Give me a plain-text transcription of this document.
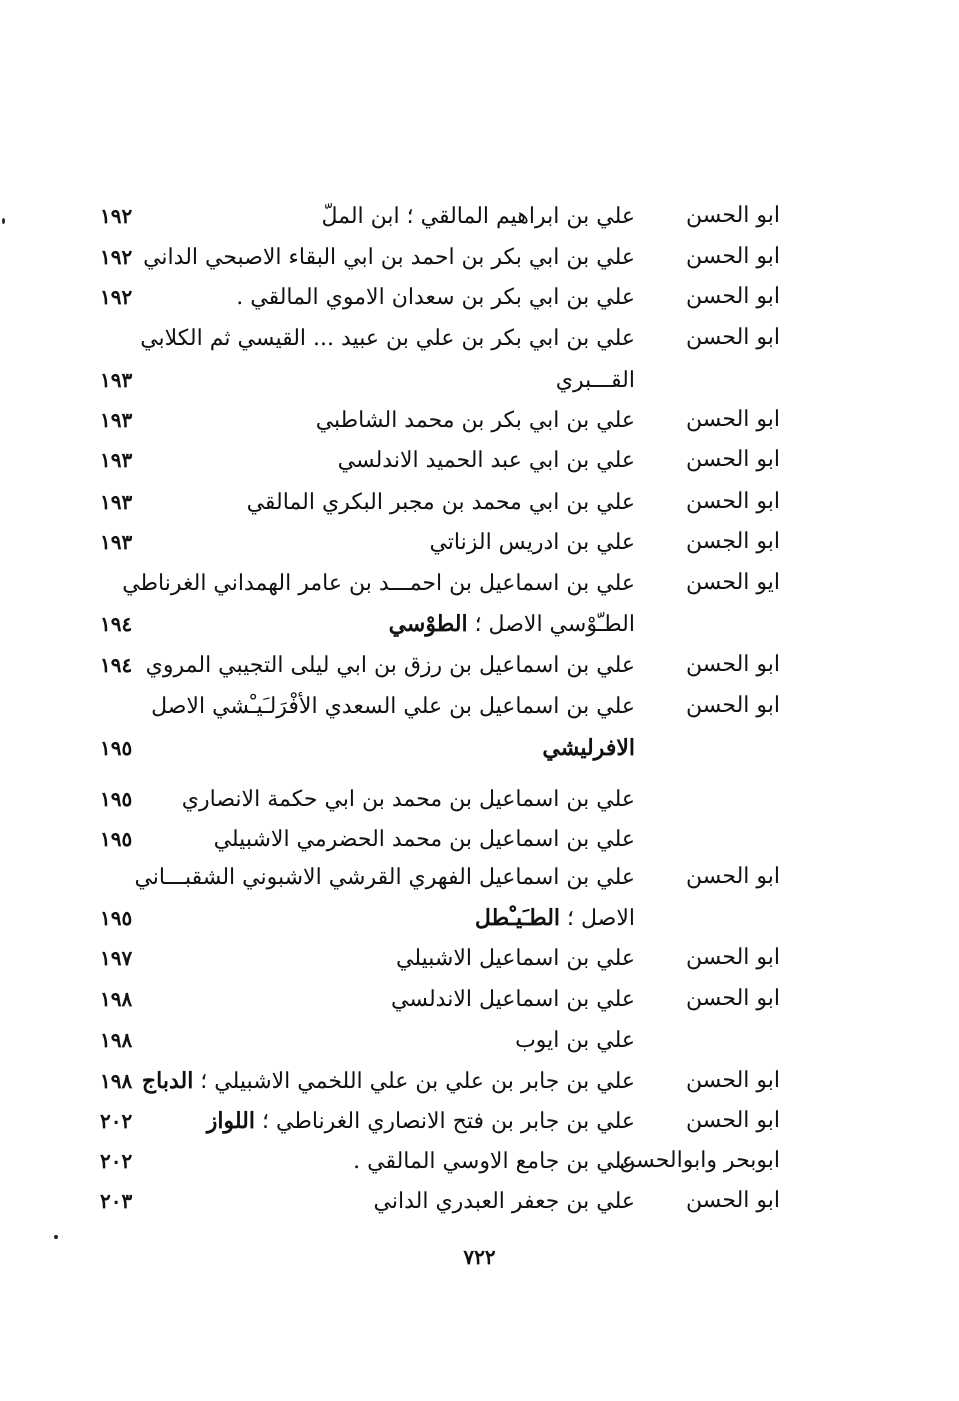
ابو الحسن
علي بن ابراهيم المالقي ؛ ابن الملّ
١٩٢
ابو الحسن
علي بن ابي بكر بن احمد بن ابي البقاء الاصبحي الداني
١٩٢
ابو الحسن
علي بن ابي بكر بن سعدان الاموي المالقي .
١٩٢
ابو الحسن
علي بن ابي بكر بن علي بن عبيد ... القيسي ثم الكلابي
القـــبري
١٩٣
ابو الحسن
علي بن ابي بكر بن محمد الشاطبي
١٩٣
ابو الحسن
علي بن ابي عبد الحميد الاندلسي
١٩٣
ابو الحسن
علي بن ابي محمد بن مجبر البكري المالقي
١٩٣
ابو الجسن
علي بن ادريس الزناتي
١٩٣
ايو الحسن
علي بن اسماعيل بن احمـــد بن عامر الهمداني الغرناطي
الطـّوْسي الاصل ؛ الطوْسي
١٩٤
ابو الحسن
علي بن اسماعيل بن رزق بن ابي ليلى التجيبي المروي
١٩٤
ابو الحسن
علي بن اسماعيل بن علي السعدي الأفْرَلـَيـْشي الاصل
الافرليشي
١٩٥
علي بن اسماعيل بن محمد بن ابي حكمة الانصاري
١٩٥
علي بن اسماعيل بن محمد الحضرمي الاشبيلي
١٩٥
ابو الحسن
علي بن اسماعيل الفهري القرشي الاشبوني الشقبـــاني
الاصل ؛ الطـَيـْطل
١٩٥
ابو الحسن
علي بن اسماعيل الاشبيلي
١٩٧
ابو الحسن
علي بن اسماعيل الاندلسي
١٩٨
علي بن ايوب
١٩٨
ابو الحسن
علي بن جابر بن علي بن علي اللخمي الاشبيلي ؛ الدباج
١٩٨
ابو الحسن
علي بن جابر بن فتح الانصاري الغرناطي ؛ اللواز
٢٠٢
ابوبحر وابوالحسن
علي بن جامع الاوسي المالقي .
٢٠٢
ابو الحسن
علي بن جعفر العبدري الداني
٢٠٣
٧٢٢
